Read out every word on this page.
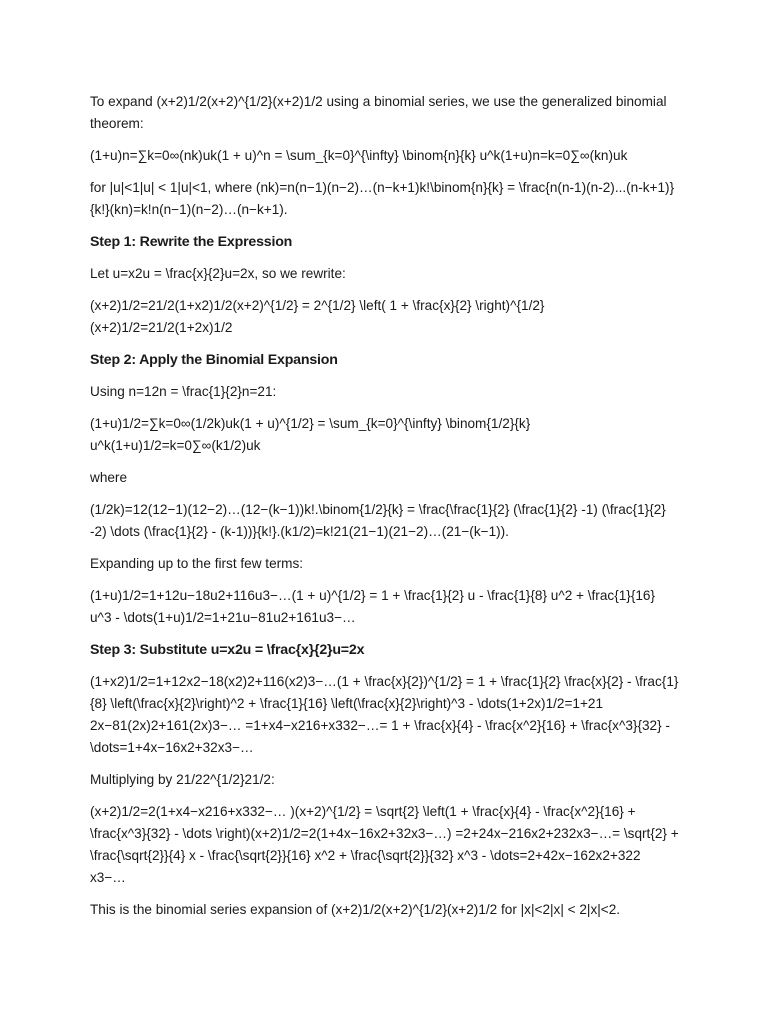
To expand (x+2)1/2(x+2)^{1/2}(x+2)1/2 using a binomial series, we use the generalized binomial theorem:

(1+u)n=∑k=0∞(nk)uk(1 + u)^n = \sum_{k=0}^{\infty} \binom{n}{k} u^k(1+u)n=k=0∑∞(kn)uk

for |u|<1|u| < 1|u|<1, where (nk)=n(n−1)(n−2)…(n−k+1)k!\binom{n}{k} = \frac{n(n-1)(n-2)...(n-k+1)}{k!}(kn)=k!n(n−1)(n−2)…(n−k+1).

Step 1: Rewrite the Expression

Let u=x2u = \frac{x}{2}u=2x, so we rewrite:

(x+2)1/2=21/2(1+x2)1/2(x+2)^{1/2} = 2^{1/2} \left( 1 + \frac{x}{2} \right)^{1/2} (x+2)1/2=21/2(1+2x)1/2

Step 2: Apply the Binomial Expansion

Using n=12n = \frac{1}{2}n=21:

(1+u)1/2=∑k=0∞(1/2k)uk(1 + u)^{1/2} = \sum_{k=0}^{\infty} \binom{1/2}{k} u^k(1+u)1/2=k=0∑∞(k1/2)uk

where

(1/2k)=12(12−1)(12−2)…(12−(k−1))k!.\binom{1/2}{k} = \frac{\frac{1}{2} (\frac{1}{2} -1) (\frac{1}{2} -2) \dots (\frac{1}{2} - (k-1))}{k!}.(k1/2)=k!21(21−1)(21−2)…(21−(k−1)).

Expanding up to the first few terms:

(1+u)1/2=1+12u−18u2+116u3−…(1 + u)^{1/2} = 1 + \frac{1}{2} u - \frac{1}{8} u^2 + \frac{1}{16} u^3 - \dots(1+u)1/2=1+21u−81u2+161u3−…

Step 3: Substitute u=x2u = \frac{x}{2}u=2x

(1+x2)1/2=1+12x2−18(x2)2+116(x2)3−…(1 + \frac{x}{2})^{1/2} = 1 + \frac{1}{2} \frac{x}{2} - \frac{1}{8} \left(\frac{x}{2}\right)^2 + \frac{1}{16} \left(\frac{x}{2}\right)^3 - \dots(1+2x)1/2=1+21 2x−81(2x)2+161(2x)3−… =1+x4−x216+x332−…= 1 + \frac{x}{4} - \frac{x^2}{16} + \frac{x^3}{32} - \dots=1+4x−16x2+32x3−…

Multiplying by 21/22^{1/2}21/2:

(x+2)1/2=2(1+x4−x216+x332−… )(x+2)^{1/2} = \sqrt{2} \left(1 + \frac{x}{4} - \frac{x^2}{16} + \frac{x^3}{32} - \dots \right)(x+2)1/2=2(1+4x−16x2+32x3−…) =2+24x−216x2+232x3−…= \sqrt{2} + \frac{\sqrt{2}}{4} x - \frac{\sqrt{2}}{16} x^2 + \frac{\sqrt{2}}{32} x^3 - \dots=2+42x−162x2+322 x3−…

This is the binomial series expansion of (x+2)1/2(x+2)^{1/2}(x+2)1/2 for |x|<2|x| < 2|x|<2.
